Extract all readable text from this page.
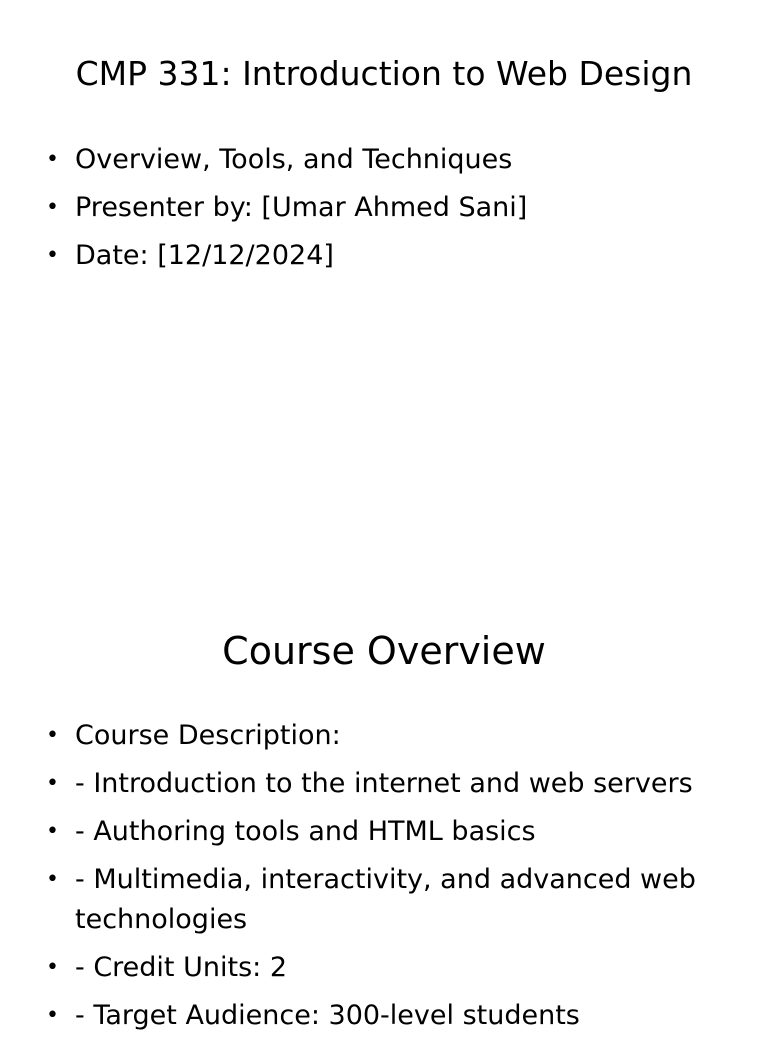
CMP 331: Introduction to Web Design
• Overview, Tools, and Techniques
• Presenter by: [Umar Ahmed Sani]
• Date: [12/12/2024]
Course Overview
• Course Description:
• - Introduction to the internet and web servers
• - Authoring tools and HTML basics
• - Multimedia, interactivity, and advanced web technologies
• - Credit Units: 2
• - Target Audience: 300-level students
